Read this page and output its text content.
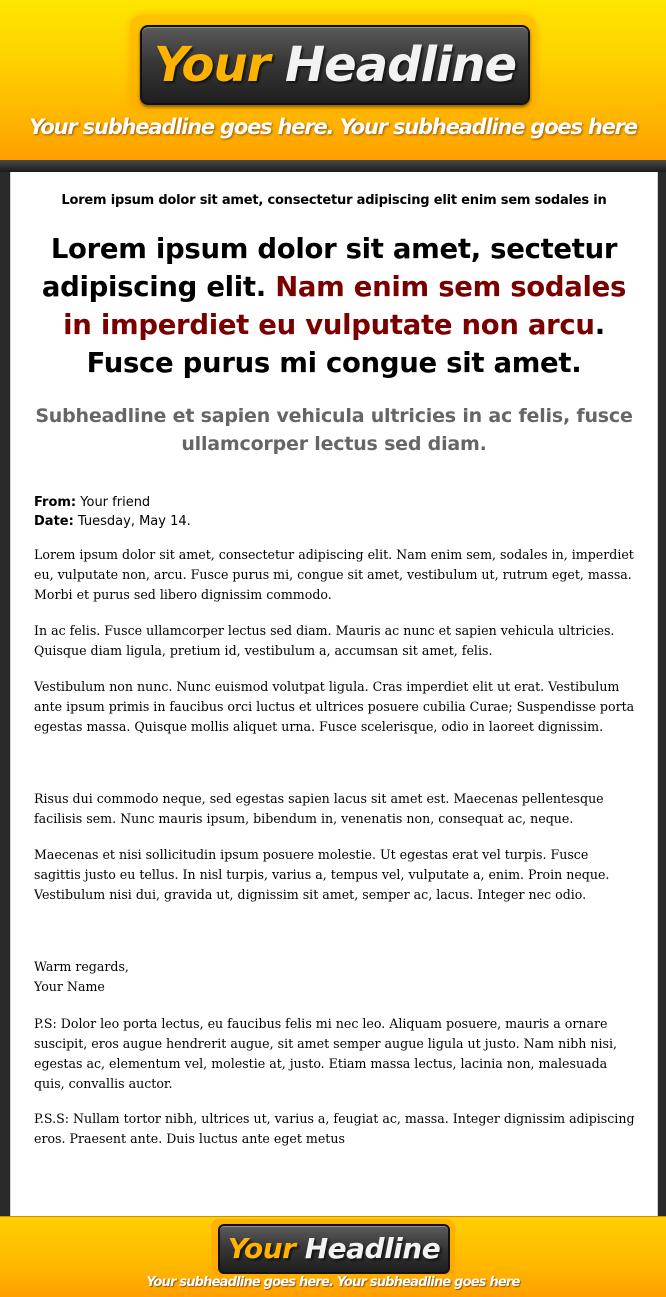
Your Headline
Your subheadline goes here. Your subheadline goes here
Lorem ipsum dolor sit amet, consectetur adipiscing elit enim sem sodales in
Lorem ipsum dolor sit amet, sectetur adipiscing elit. Nam enim sem sodales in imperdiet eu vulputate non arcu. Fusce purus mi congue sit amet.
Subheadline et sapien vehicula ultricies in ac felis, fusce ullamcorper lectus sed diam.
From: Your friend
Date: Tuesday, May 14.
Lorem ipsum dolor sit amet, consectetur adipiscing elit. Nam enim sem, sodales in, imperdiet eu, vulputate non, arcu. Fusce purus mi, congue sit amet, vestibulum ut, rutrum eget, massa. Morbi et purus sed libero dignissim commodo.
In ac felis. Fusce ullamcorper lectus sed diam. Mauris ac nunc et sapien vehicula ultricies. Quisque diam ligula, pretium id, vestibulum a, accumsan sit amet, felis.
Vestibulum non nunc. Nunc euismod volutpat ligula. Cras imperdiet elit ut erat. Vestibulum ante ipsum primis in faucibus orci luctus et ultrices posuere cubilia Curae; Suspendisse porta egestas massa. Quisque mollis aliquet urna. Fusce scelerisque, odio in laoreet dignissim.
Risus dui commodo neque, sed egestas sapien lacus sit amet est. Maecenas pellentesque facilisis sem. Nunc mauris ipsum, bibendum in, venenatis non, consequat ac, neque.
Maecenas et nisi sollicitudin ipsum posuere molestie. Ut egestas erat vel turpis. Fusce sagittis justo eu tellus. In nisl turpis, varius a, tempus vel, vulputate a, enim. Proin neque. Vestibulum nisi dui, gravida ut, dignissim sit amet, semper ac, lacus. Integer nec odio.
Warm regards,
Your Name
P.S: Dolor leo porta lectus, eu faucibus felis mi nec leo. Aliquam posuere, mauris a ornare suscipit, eros augue hendrerit augue, sit amet semper augue ligula ut justo. Nam nibh nisi, egestas ac, elementum vel, molestie at, justo. Etiam massa lectus, lacinia non, malesuada quis, convallis auctor.
P.S.S: Nullam tortor nibh, ultrices ut, varius a, feugiat ac, massa. Integer dignissim adipiscing eros. Praesent ante. Duis luctus ante eget metus
Your Headline
Your subheadline goes here. Your subheadline goes here
